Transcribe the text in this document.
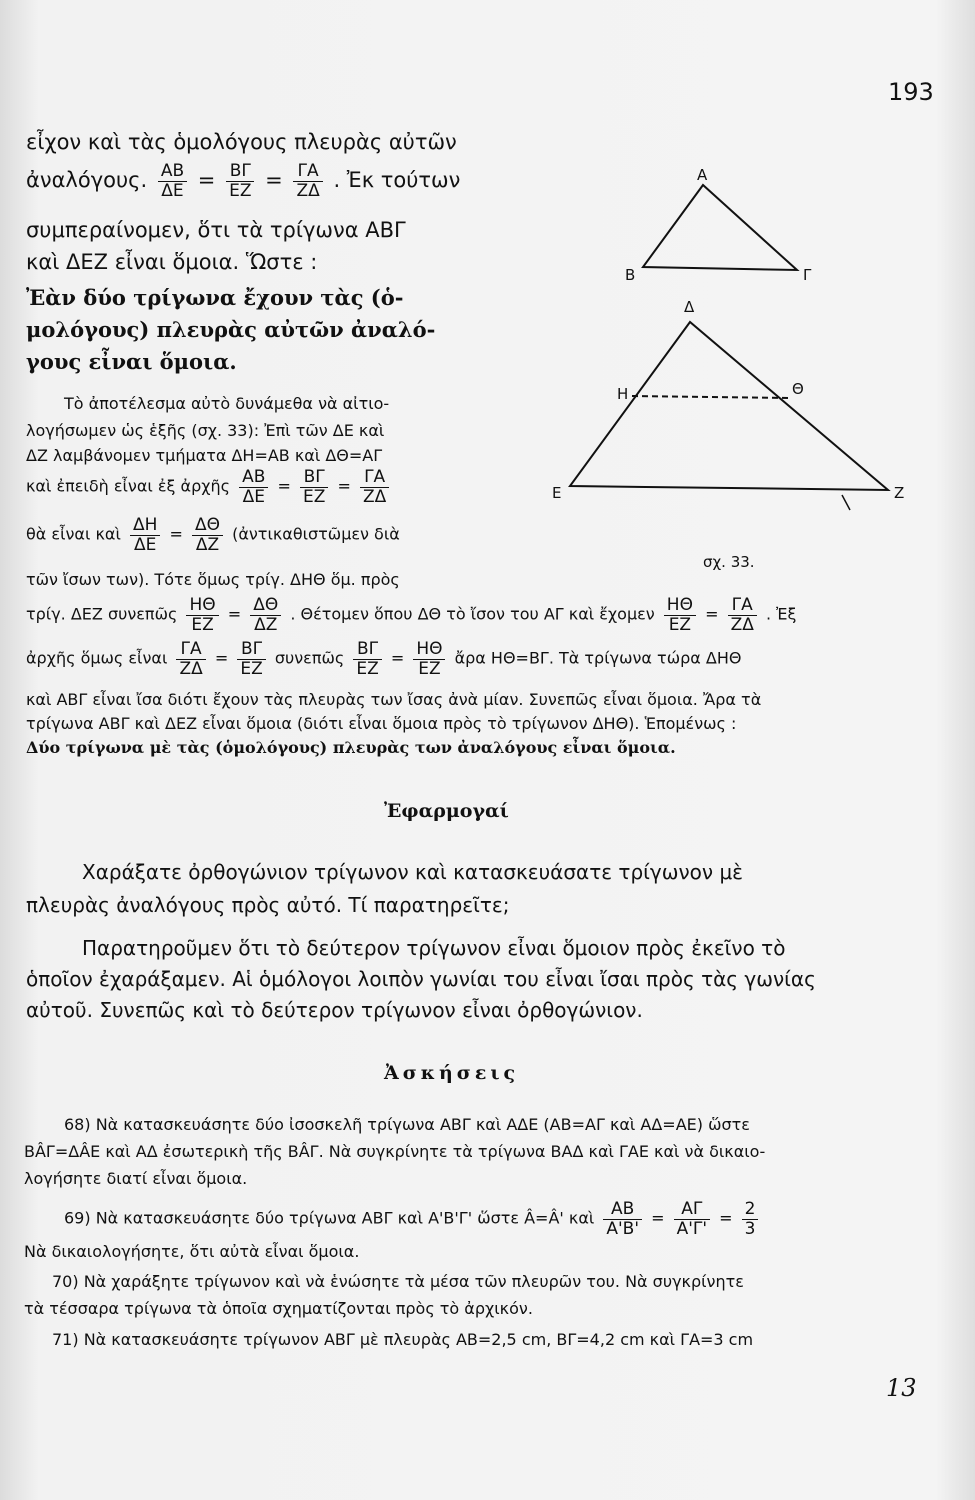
193
εἶχον καὶ τὰς ὁμολόγους πλευρὰς αὐτῶν
ἀναλόγους. $\frac{AB}{\Delta E} = \frac{B\Gamma}{EZ} = \frac{\Gamma A}{Z\Delta}$ . Ἐκ τούτων
συμπεραίνομεν, ὅτι τὰ τρίγωνα ΑΒΓ
καὶ ΔΕΖ εἶναι ὅμοια. Ὥστε :
Ἐὰν δύο τρίγωνα ἔχουν τὰς (ὁ-
μολόγους) πλευρὰς αὐτῶν ἀναλό-
γους εἶναι ὅμοια.
Τὸ ἀποτέλεσμα αὐτὸ δυνάμεθα νὰ αἰτιο-
λογήσωμεν ὡς ἑξῆς (σχ. 33): Ἐπὶ τῶν ΔΕ καὶ
ΔΖ λαμβάνομεν τμήματα ΔΗ=ΑΒ καὶ ΔΘ=ΑΓ
καὶ ἐπειδὴ εἶναι ἐξ ἀρχῆς $\frac{AB}{\Delta E} = \frac{B\Gamma}{EZ} = \frac{\Gamma A}{Z\Delta}$
θὰ εἶναι καὶ $\frac{\Delta H}{\Delta E} = \frac{\Delta\Theta}{\Delta Z}$ (ἀντικαθιστῶμεν διὰ
τῶν ἴσων των). Τότε ὅμως τρίγ. ΔΗΘ ὅμ. πρὸς
τρίγ. ΔΕΖ συνεπῶς $\frac{H\Theta}{EZ} = \frac{\Delta\Theta}{\Delta Z}$ . Θέτομεν ὅπου ΔΘ τὸ ἴσον του ΑΓ καὶ ἔχομεν $\frac{H\Theta}{EZ} = \frac{\Gamma A}{Z\Delta}$ . Ἐξ
ἀρχῆς ὅμως εἶναι $\frac{\Gamma A}{Z\Delta} = \frac{B\Gamma}{EZ}$ συνεπῶς $\frac{B\Gamma}{EZ} = \frac{H\Theta}{EZ}$ ἄρα ΗΘ=ΒΓ. Τὰ τρίγωνα τώρα ΔΗΘ
καὶ ΑΒΓ εἶναι ἴσα διότι ἔχουν τὰς πλευρὰς των ἴσας ἀνὰ μίαν. Συνεπῶς εἶναι ὅμοια. Ἄρα τὰ
τρίγωνα ΑΒΓ καὶ ΔΕΖ εἶναι ὅμοια (διότι εἶναι ὅμοια πρὸς τὸ τρίγωνον ΔΗΘ). Ἑπομένως :
Δύο τρίγωνα μὲ τὰς (ὁμολόγους) πλευρὰς των ἀναλόγους εἶναι ὅμοια.
Α
Β	Γ
Δ
Η	Θ
Ε	Ζ
σχ. 33.
Ἐφαρμογαί
Χαράξατε ὀρθογώνιον τρίγωνον καὶ κατασκευάσατε τρίγωνον μὲ
πλευρὰς ἀναλόγους πρὸς αὐτό. Τί παρατηρεῖτε;
Παρατηροῦμεν ὅτι τὸ δεύτερον τρίγωνον εἶναι ὅμοιον πρὸς ἐκεῖνο τὸ
ὁποῖον ἐχαράξαμεν. Αἱ ὁμόλογοι λοιπὸν γωνίαι του εἶναι ἴσαι πρὸς τὰς γωνίας
αὐτοῦ. Συνεπῶς καὶ τὸ δεύτερον τρίγωνον εἶναι ὀρθογώνιον.
Ἀσκήσεις
68) Νὰ κατασκευάσητε δύο ἰσοσκελῆ τρίγωνα ΑΒΓ καὶ ΑΔΕ (ΑΒ=ΑΓ καὶ ΑΔ=ΑΕ) ὥστε
ΒÂΓ=ΔÂΕ καὶ ΑΔ ἐσωτερικὴ τῆς ΒÂΓ. Νὰ συγκρίνητε τὰ τρίγωνα ΒΑΔ καὶ ΓΑΕ καὶ νὰ δικαιο-
λογήσητε διατί εἶναι ὅμοια.
69) Νὰ κατασκευάσητε δύο τρίγωνα ΑΒΓ καὶ Α'Β'Γ' ὥστε Â=Â' καὶ $\frac{AB}{A'B'} = \frac{A\Gamma}{A'\Gamma'} = \frac{2}{3}$
Νὰ δικαιολογήσητε, ὅτι αὐτὰ εἶναι ὅμοια.
70) Νὰ χαράξητε τρίγωνον καὶ νὰ ἑνώσητε τὰ μέσα τῶν πλευρῶν του. Νὰ συγκρίνητε
τὰ τέσσαρα τρίγωνα τὰ ὁποῖα σχηματίζονται πρὸς τὸ ἀρχικόν.
71) Νὰ κατασκευάσητε τρίγωνον ΑΒΓ μὲ πλευρὰς ΑΒ=2,5 cm, ΒΓ=4,2 cm καὶ ΓΑ=3 cm
13
